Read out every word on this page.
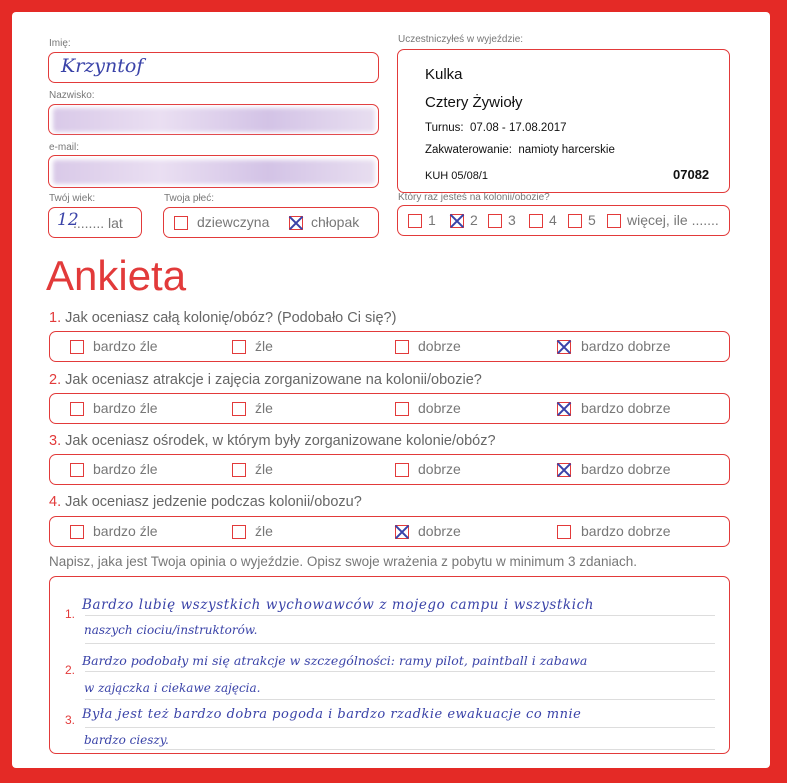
Imię:
Krzyntof
Nazwisko:
e-mail:
Twój wiek:
12
........ lat
Twoja płeć:
dziewczyna	chłopak
Uczestniczyłeś w wyjeździe:
Kulka
Cztery Żywioły
Turnus: 07.08 - 17.08.2017
Zakwaterowanie: namioty harcerskie
KUH 05/08/1	07082
Który raz jesteś na kolonii/obozie?
1 2 3 4 5 więcej, ile .......
Ankieta
1. Jak oceniasz całą kolonię/obóz? (Podobało Ci się?)
bardzo źle	źle	dobrze	bardzo dobrze
2. Jak oceniasz atrakcje i zajęcia zorganizowane na kolonii/obozie?
bardzo źle	źle	dobrze	bardzo dobrze
3. Jak oceniasz ośrodek, w którym były zorganizowane kolonie/obóz?
bardzo źle	źle	dobrze	bardzo dobrze
4. Jak oceniasz jedzenie podczas kolonii/obozu?
bardzo źle	źle	dobrze	bardzo dobrze
Napisz, jaka jest Twoja opinia o wyjeździe. Opisz swoje wrażenia z pobytu w minimum 3 zdaniach.
1.
2.
3.
Bardzo lubię wszystkich wychowawców z mojego campu i wszystkich
naszych ciociu/instruktorów.
Bardzo podobały mi się atrakcje w szczególności: ramy pilot, paintball i zabawa
w zajączka i ciekawe zajęcia.
Była jest też bardzo dobra pogoda i bardzo rzadkie ewakuacje co mnie
bardzo cieszy.
